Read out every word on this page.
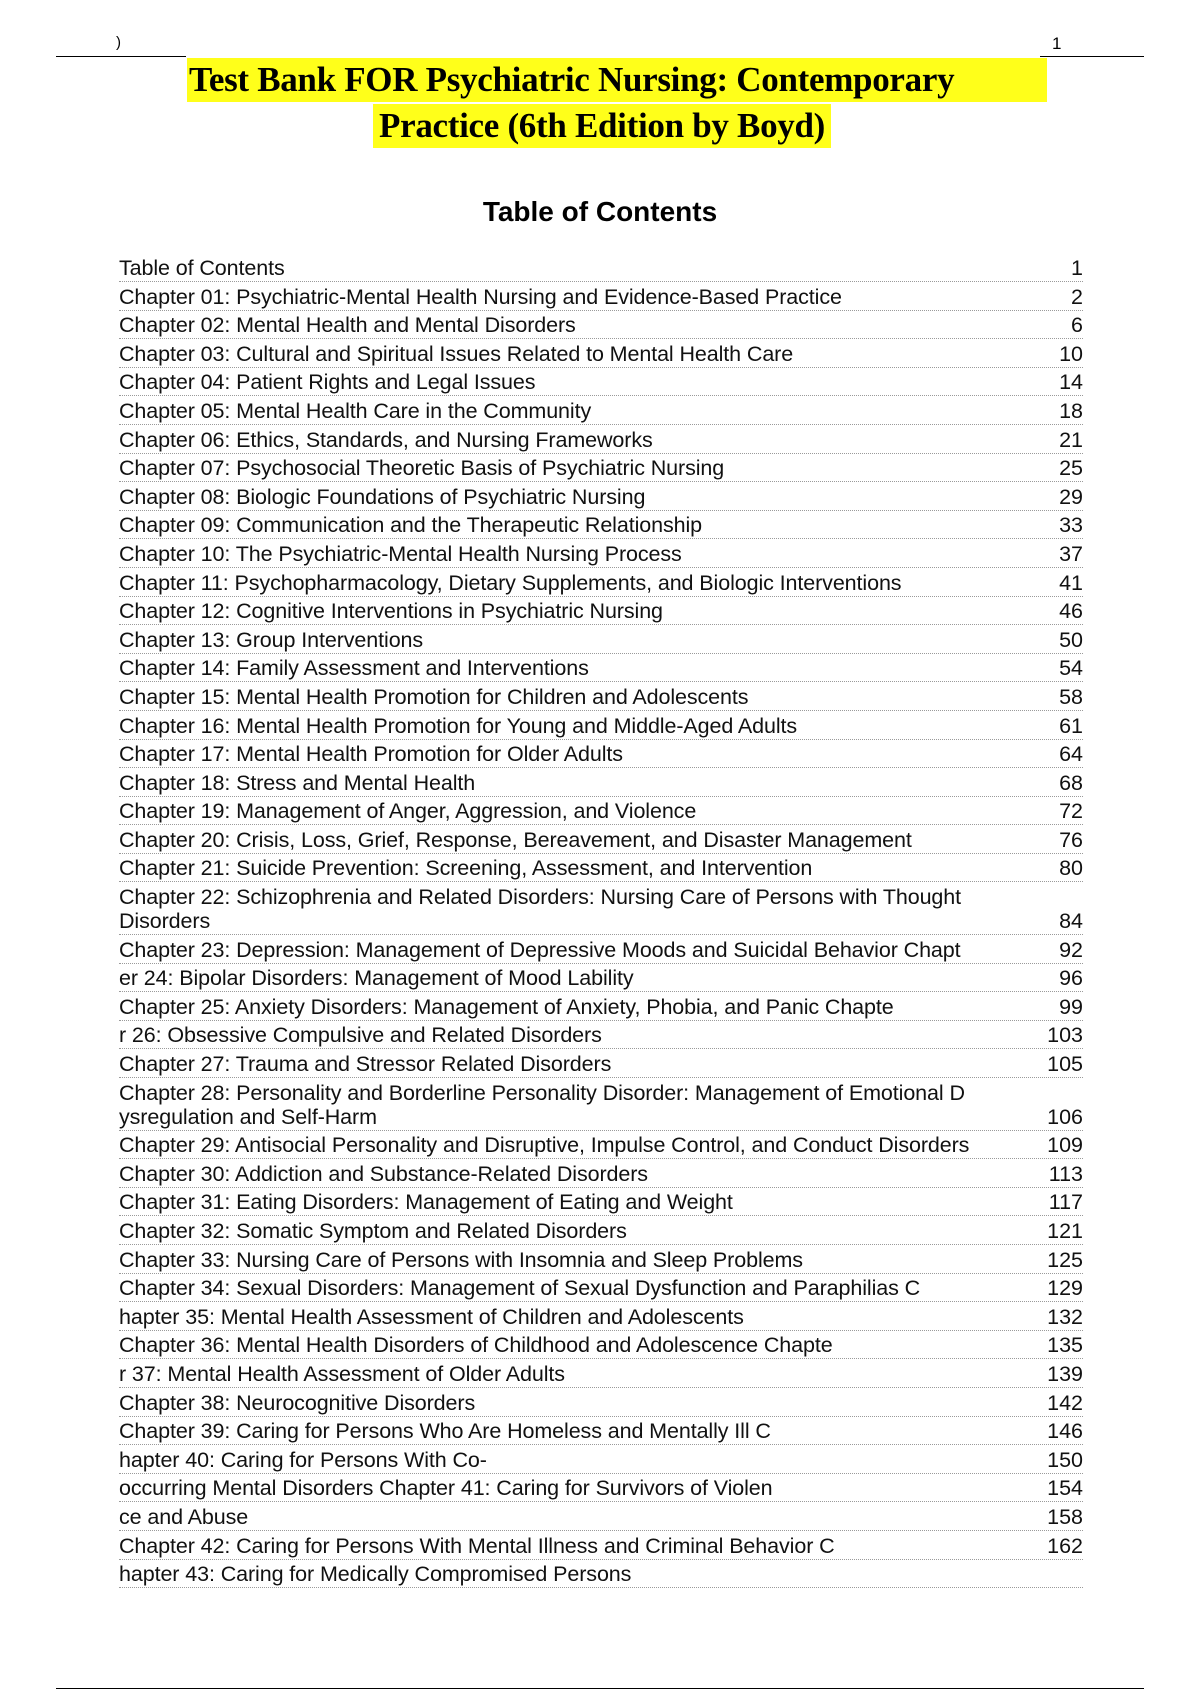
)	1
Test Bank FOR Psychiatric Nursing: Contemporary
Practice (6th Edition by Boyd)
Table of Contents
Table of Contents	1
Chapter 01: Psychiatric-Mental Health Nursing and Evidence-Based Practice	2
Chapter 02: Mental Health and Mental Disorders	6
Chapter 03: Cultural and Spiritual Issues Related to Mental Health Care	10
Chapter 04: Patient Rights and Legal Issues	14
Chapter 05: Mental Health Care in the Community	18
Chapter 06: Ethics, Standards, and Nursing Frameworks	21
Chapter 07: Psychosocial Theoretic Basis of Psychiatric Nursing	25
Chapter 08: Biologic Foundations of Psychiatric Nursing	29
Chapter 09: Communication and the Therapeutic Relationship	33
Chapter 10: The Psychiatric-Mental Health Nursing Process	37
Chapter 11: Psychopharmacology, Dietary Supplements, and Biologic Interventions	41
Chapter 12: Cognitive Interventions in Psychiatric Nursing	46
Chapter 13: Group Interventions	50
Chapter 14: Family Assessment and Interventions	54
Chapter 15: Mental Health Promotion for Children and Adolescents	58
Chapter 16: Mental Health Promotion for Young and Middle-Aged Adults	61
Chapter 17: Mental Health Promotion for Older Adults	64
Chapter 18: Stress and Mental Health	68
Chapter 19: Management of Anger, Aggression, and Violence	72
Chapter 20: Crisis, Loss, Grief, Response, Bereavement, and Disaster Management	76
Chapter 21: Suicide Prevention: Screening, Assessment, and Intervention	80
Chapter 22: Schizophrenia and Related Disorders: Nursing Care of Persons with Thought Disorders	84
Chapter 23: Depression: Management of Depressive Moods and Suicidal Behavior Chapt	92
er 24: Bipolar Disorders: Management of Mood Lability	96
Chapter 25: Anxiety Disorders: Management of Anxiety, Phobia, and Panic Chapte	99
r 26: Obsessive Compulsive and Related Disorders	103
Chapter 27: Trauma and Stressor Related Disorders	105
Chapter 28: Personality and Borderline Personality Disorder: Management of Emotional D ysregulation and Self-Harm	106
Chapter 29: Antisocial Personality and Disruptive, Impulse Control, and Conduct Disorders	109
Chapter 30: Addiction and Substance-Related Disorders	113
Chapter 31: Eating Disorders: Management of Eating and Weight	117
Chapter 32: Somatic Symptom and Related Disorders	121
Chapter 33: Nursing Care of Persons with Insomnia and Sleep Problems	125
Chapter 34: Sexual Disorders: Management of Sexual Dysfunction and Paraphilias C	129
hapter 35: Mental Health Assessment of Children and Adolescents	132
Chapter 36: Mental Health Disorders of Childhood and Adolescence Chapte	135
r 37: Mental Health Assessment of Older Adults	139
Chapter 38: Neurocognitive Disorders	142
Chapter 39: Caring for Persons Who Are Homeless and Mentally Ill C	146
hapter 40: Caring for Persons With Co-	150
occurring Mental Disorders Chapter 41: Caring for Survivors of Violen	154
ce and Abuse	158
Chapter 42: Caring for Persons With Mental Illness and Criminal Behavior C	162
hapter 43: Caring for Medically Compromised Persons
